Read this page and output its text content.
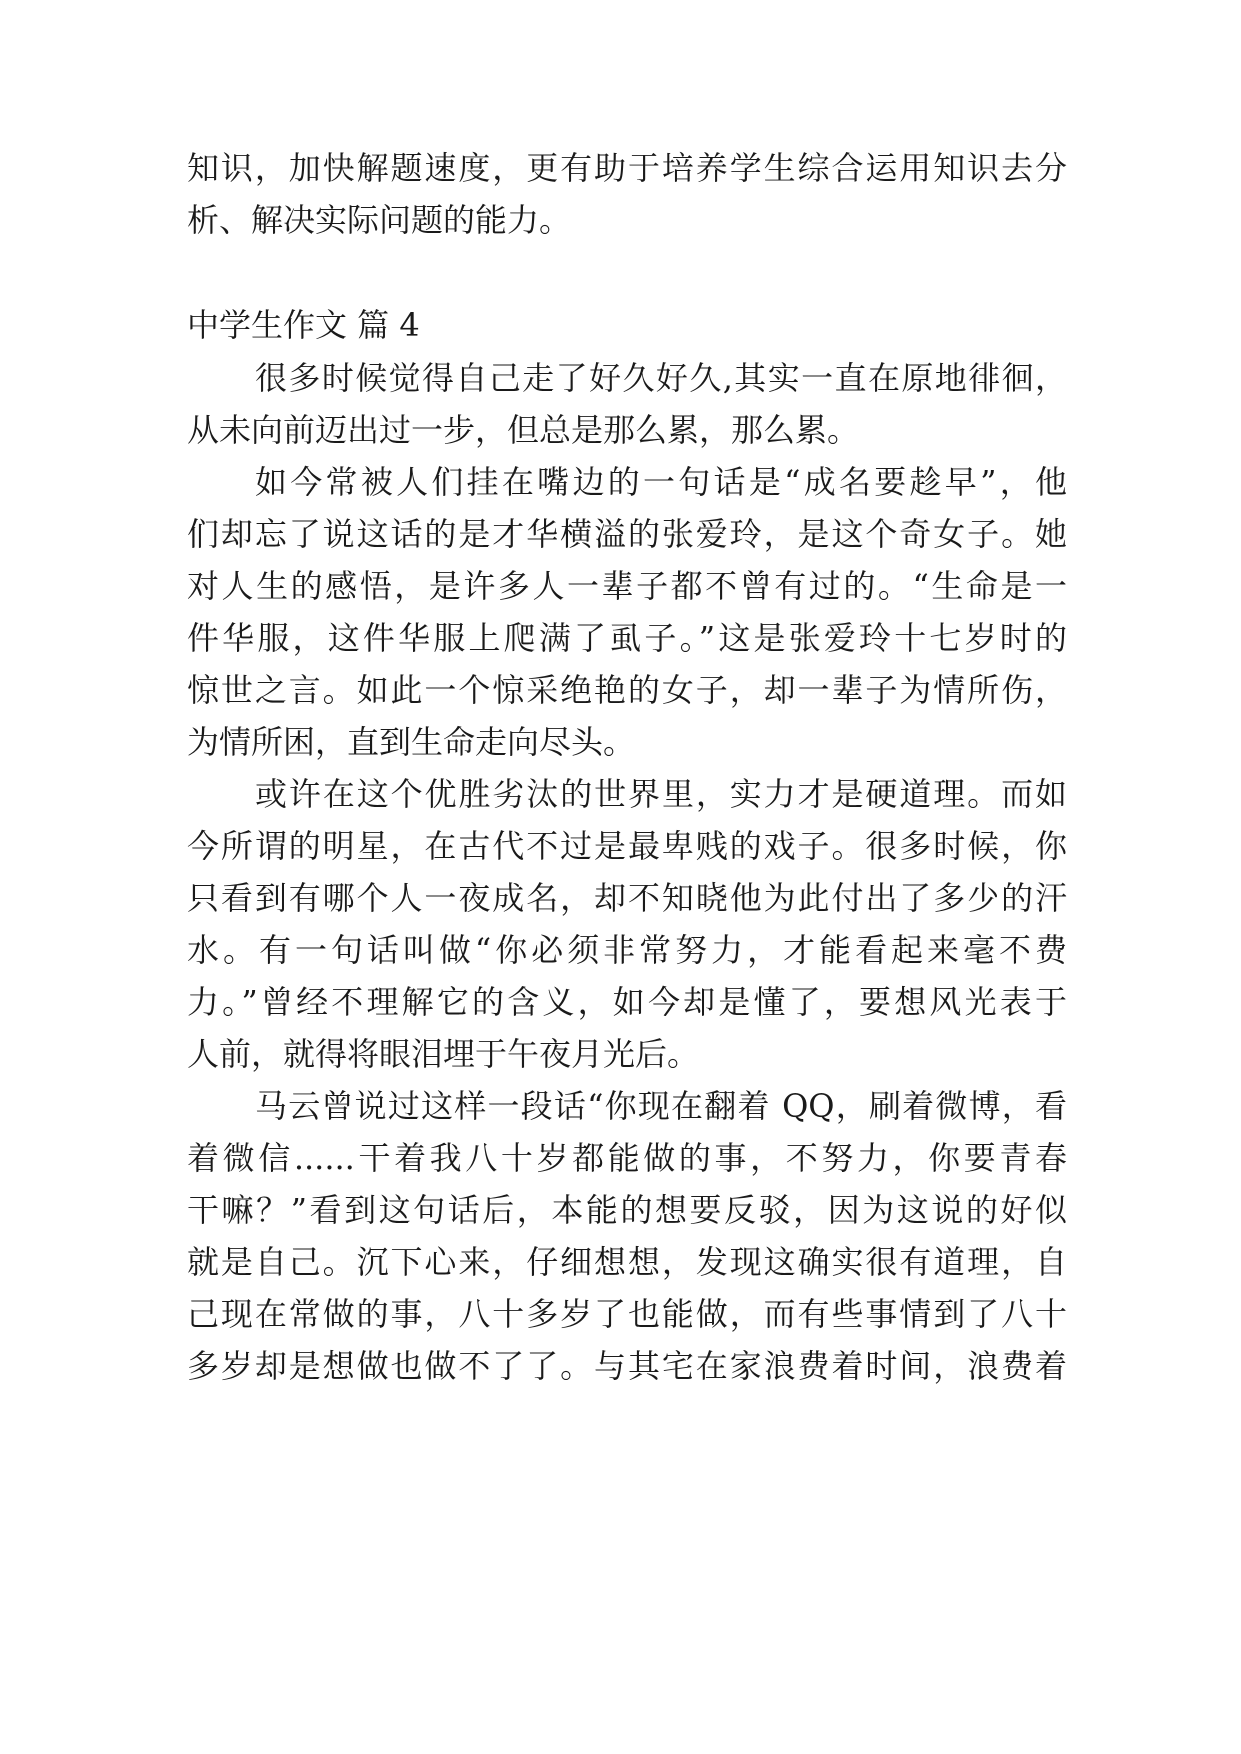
知识，加快解题速度，更有助于培养学生综合运用知识去分

析、解决实际问题的能力。

中学生作文 篇 4

很多时候觉得自己走了好久好久,其实一直在原地徘徊，

从未向前迈出过一步，但总是那么累，那么累。

如今常被人们挂在嘴边的一句话是“成名要趁早”，他

们却忘了说这话的是才华横溢的张爱玲，是这个奇女子。她

对人生的感悟，是许多人一辈子都不曾有过的。“生命是一

件华服，这件华服上爬满了虱子。”这是张爱玲十七岁时的

惊世之言。如此一个惊采绝艳的女子，却一辈子为情所伤，

为情所困，直到生命走向尽头。

或许在这个优胜劣汰的世界里，实力才是硬道理。而如

今所谓的明星，在古代不过是最卑贱的戏子。很多时候，你

只看到有哪个人一夜成名，却不知晓他为此付出了多少的汗

水。有一句话叫做“你必须非常努力，才能看起来毫不费

力。”曾经不理解它的含义，如今却是懂了，要想风光表于

人前，就得将眼泪埋于午夜月光后。

马云曾说过这样一段话“你现在翻着 QQ，刷着微博，看

着微信......干着我八十岁都能做的事，不努力，你要青春

干嘛？”看到这句话后，本能的想要反驳，因为这说的好似

就是自己。沉下心来，仔细想想，发现这确实很有道理，自

己现在常做的事，八十多岁了也能做，而有些事情到了八十

多岁却是想做也做不了了。与其宅在家浪费着时间，浪费着
